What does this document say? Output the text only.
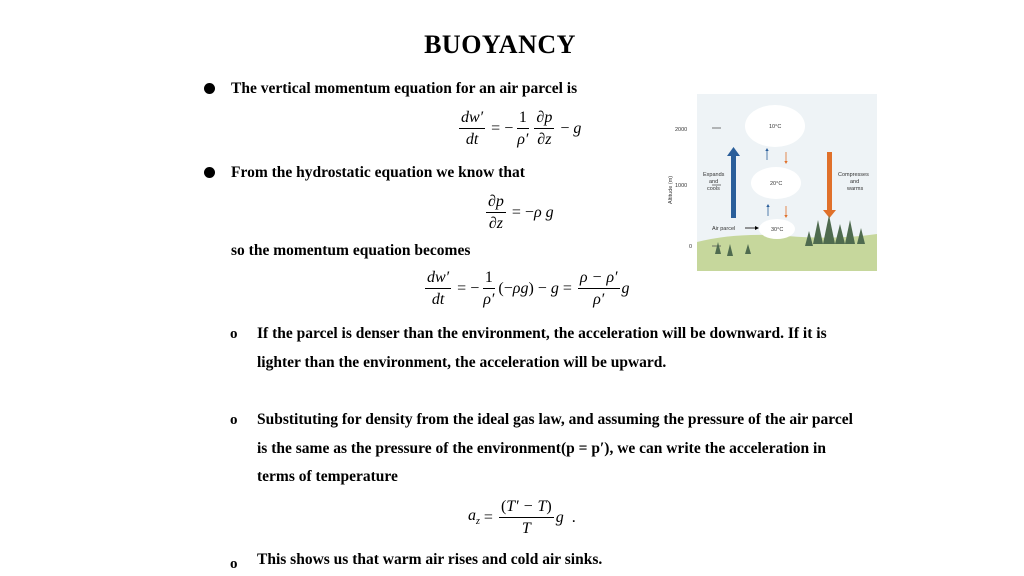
BUOYANCY
The vertical momentum equation for an air parcel is
$\frac{dw'}{dt}$ = − $\frac{1}{\rho'} \frac{\partial p}{\partial z} - g$
From the hydrostatic equation we know that
$\frac{\partial p}{\partial z}$ = − ρ g
so the momentum equation becomes
$\frac{dw'}{dt}$ = − $\frac{1}{\rho'}$ (− ρg ) − $g = \frac{\rho - \rho'}{\rho'}$ g
o If the parcel is denser than the environment, the acceleration will be downward. If it is lighter than the environment, the acceleration will be upward.
o Substituting for density from the ideal gas law, and assuming the pressure of the air parcel is the same as the pressure of the environment(p = p′), we can write the acceleration in terms of temperature
$a_z = \frac{(T' - T)}{T}$ g .
o This shows us that warm air rises and cold air sinks.
2000
1000
0
Altitude (m)
Expands
and
cools
Compresses
and
warms
10°C
20°C
30°C
Air parcel
